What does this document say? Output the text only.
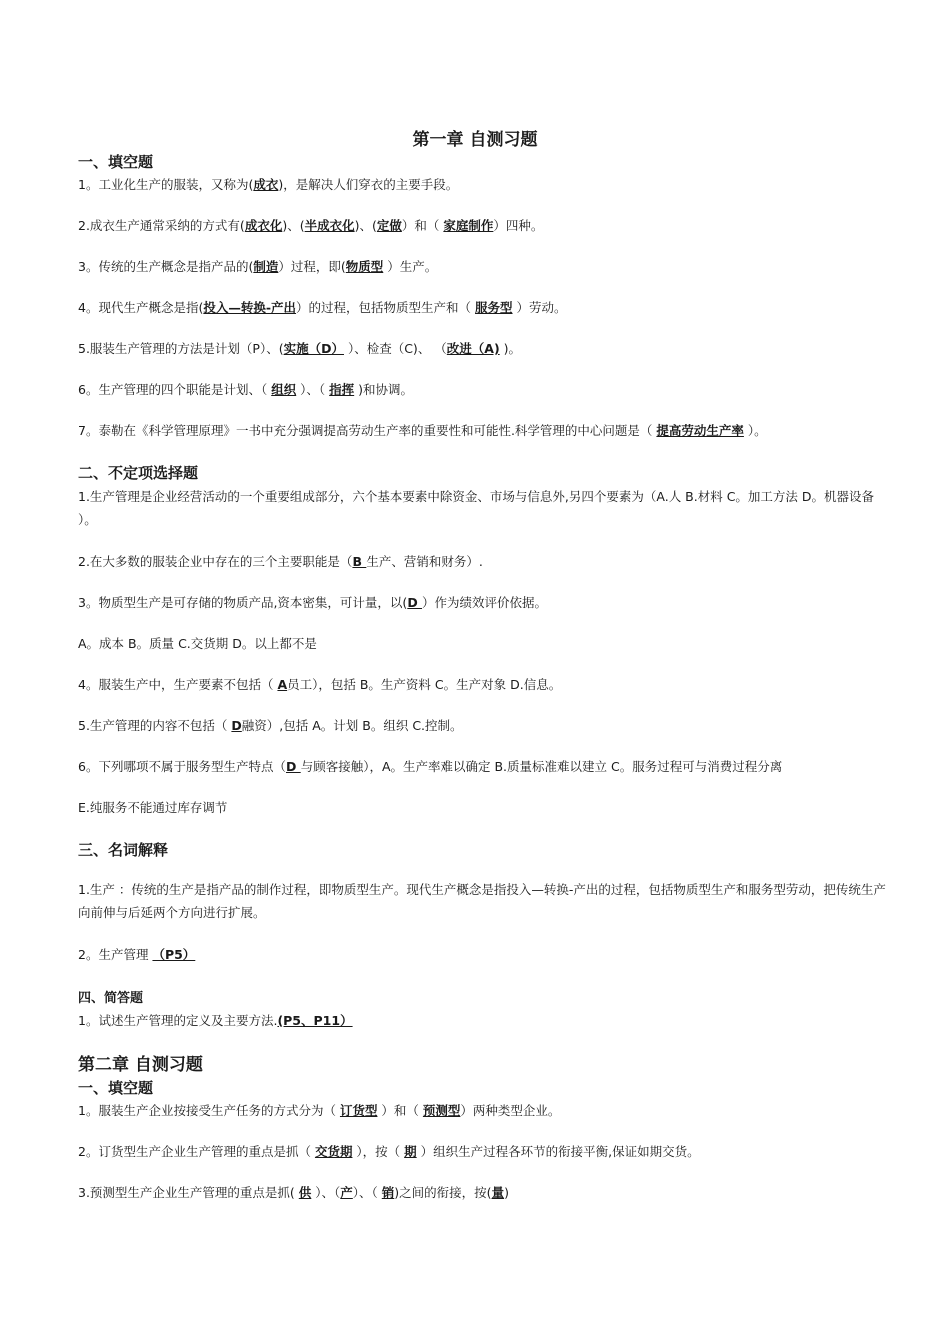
第一章 自测习题
一、填空题
1。工业化生产的服装，又称为(成衣)，是解决人们穿衣的主要手段。
2.成衣生产通常采纳的方式有(成衣化)、(半成衣化)、(定做）和（ 家庭制作）四种。
3。传统的生产概念是指产品的(制造）过程，即(物质型 ）生产。
4。现代生产概念是指(投入—转换-产出）的过程，包括物质型生产和（ 服务型 ）劳动。
5.服装生产管理的方法是计划（P）、(实施（D） ）、检查（C)、 （改进（A) )。
6。生产管理的四个职能是计划、（ 组织 ）、（ 指挥 )和协调。
7。泰勒在《科学管理原理》一书中充分强调提高劳动生产率的重要性和可能性.科学管理的中心问题是（ 提高劳动生产率 ）。
二、不定项选择题
1.生产管理是企业经营活动的一个重要组成部分，六个基本要素中除资金、市场与信息外,另四个要素为（A.人 B.材料 C。加工方法 D。机器设备 ）。
2.在大多数的服装企业中存在的三个主要职能是（B 生产、营销和财务）.
3。物质型生产是可存储的物质产品,资本密集，可计量，以(D ）作为绩效评价依据。
A。成本 B。质量 C.交货期 D。以上都不是
4。服装生产中，生产要素不包括（ A员工），包括 B。生产资料 C。生产对象 D.信息。
5.生产管理的内容不包括（ D融资）,包括 A。计划 B。组织 C.控制。
6。下列哪项不属于服务型生产特点（D 与顾客接触），A。生产率难以确定 B.质量标准难以建立 C。服务过程可与消费过程分离
E.纯服务不能通过库存调节
三、名词解释
1.生产 ：传统的生产是指产品的制作过程，即物质型生产。现代生产概念是指投入—转换-产出的过程，包括物质型生产和服务型劳动，把传统生产向前伸与后延两个方向进行扩展。
2。生产管理 （P5）
四、简答题
1。试述生产管理的定义及主要方法.(P5、P11）
第二章 自测习题
一、填空题
1。服装生产企业按接受生产任务的方式分为（ 订货型 ）和（ 预测型）两种类型企业。
2。订货型生产企业生产管理的重点是抓（ 交货期 ），按（ 期 ）组织生产过程各环节的衔接平衡,保证如期交货。
3.预测型生产企业生产管理的重点是抓( 供 ）、（产）、（ 销)之间的衔接，按(量)
